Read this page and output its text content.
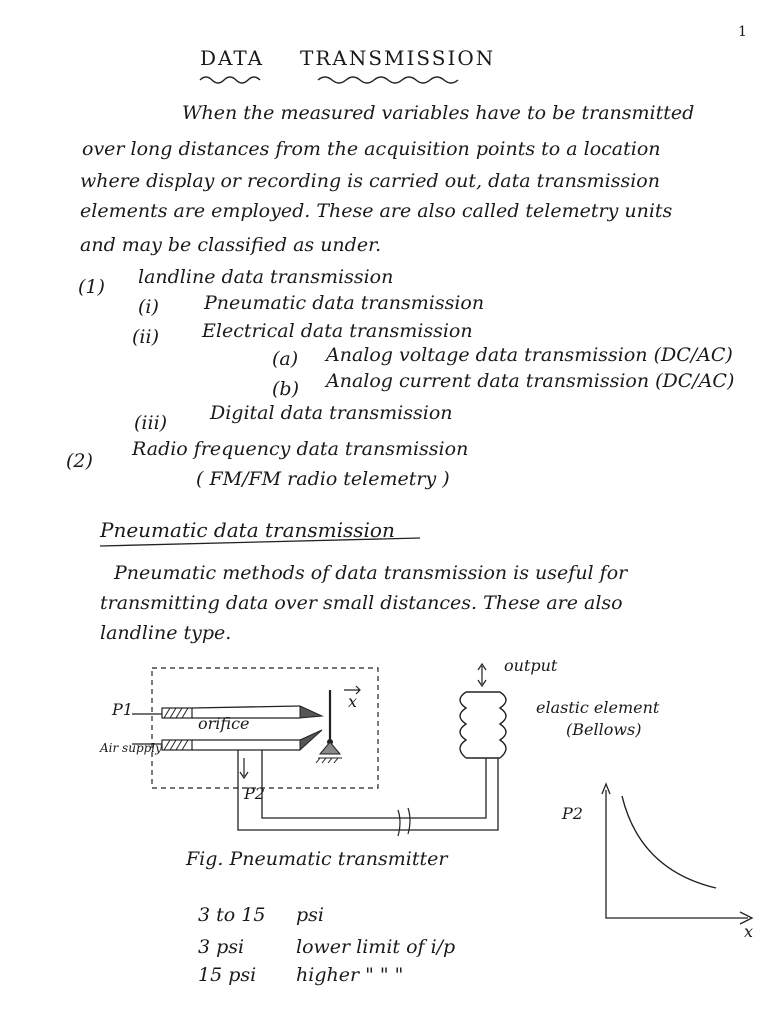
1
DATA TRANSMISSION
When the measured variables have to be transmitted
over long distances from the acquisition points to a location
where display or recording is carried out, data transmission
elements are employed. These are also called telemetry units
and may be classified as under.
(1) landline data transmission
(i) Pneumatic data transmission
(ii) Electrical data transmission
(a) Analog voltage data transmission (DC/AC)
(b) Analog current data transmission (DC/AC)
(iii) Digital data transmission
(2)
Radio frequency data transmission
( FM/FM radio telemetry )
Pneumatic data transmission
Pneumatic methods of data transmission is useful for
transmitting data over small distances. These are also
landline type.
P1
Air supply
orifice
P2
x
output
elastic element
(Bellows)
Fig. Pneumatic transmitter
P2
x
3 to 15 psi
3 psi	lower limit of i/p
15 psi higher " " "
